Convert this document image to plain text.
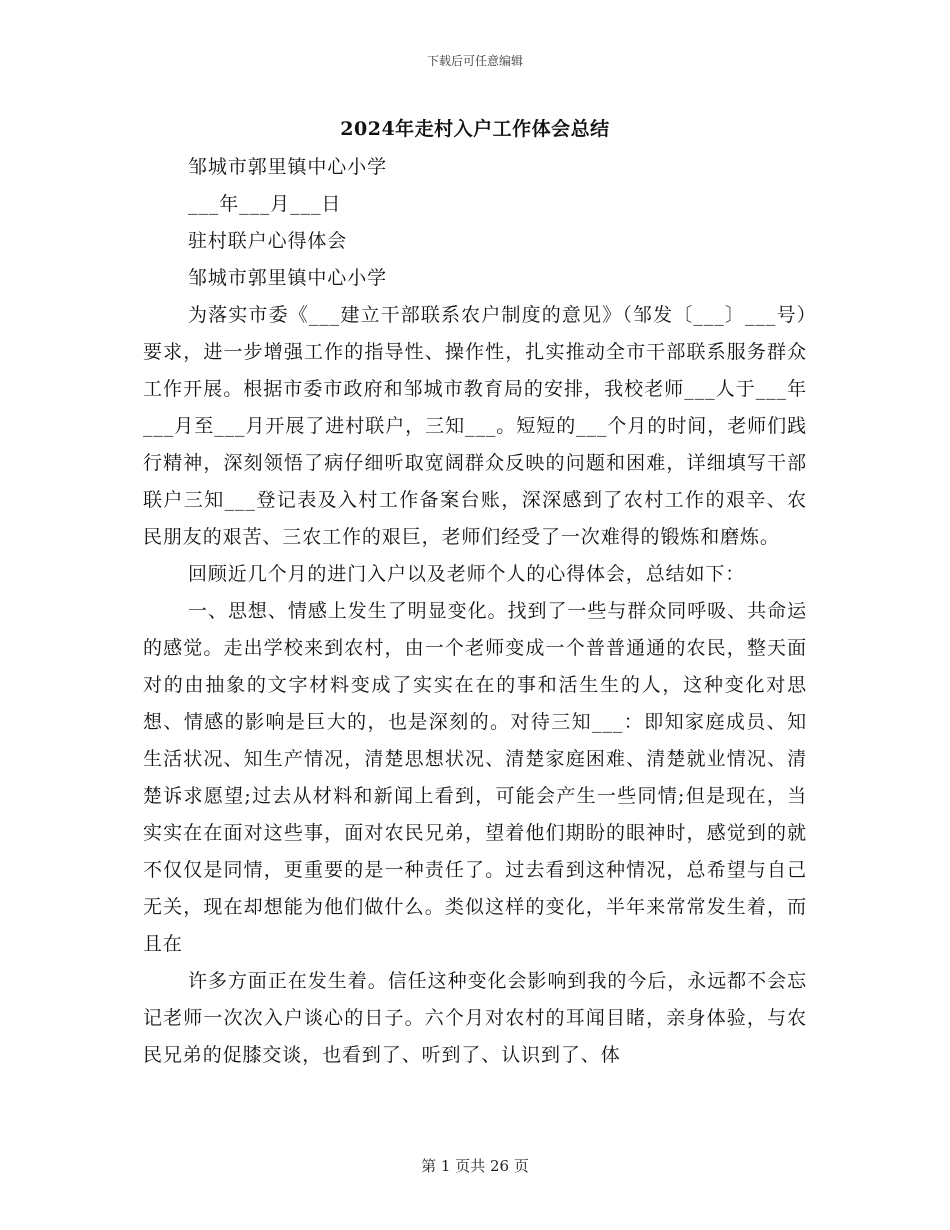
下载后可任意编辑
2024年走村入户工作体会总结

邹城市郭里镇中心小学

___年___月___日

驻村联户心得体会

邹城市郭里镇中心小学

为落实市委《___建立干部联系农户制度的意见》（邹发〔___〕___号）要求，进一步增强工作的指导性、操作性，扎实推动全市干部联系服务群众工作开展。根据市委市政府和邹城市教育局的安排，我校老师___人于___年___月至___月开展了进村联户，三知___。短短的___个月的时间，老师们践行精神，深刻领悟了病仔细听取宽阔群众反映的问题和困难，详细填写干部联户三知___登记表及入村工作备案台账，深深感到了农村工作的艰辛、农民朋友的艰苦、三农工作的艰巨，老师们经受了一次难得的锻炼和磨炼。

回顾近几个月的进门入户以及老师个人的心得体会，总结如下：

一、思想、情感上发生了明显变化。找到了一些与群众同呼吸、共命运的感觉。走出学校来到农村，由一个老师变成一个普普通通的农民，整天面对的由抽象的文字材料变成了实实在在的事和活生生的人，这种变化对思想、情感的影响是巨大的，也是深刻的。对待三知___：即知家庭成员、知生活状况、知生产情况，清楚思想状况、清楚家庭困难、清楚就业情况、清楚诉求愿望;过去从材料和新闻上看到，可能会产生一些同情;但是现在，当实实在在面对这些事，面对农民兄弟，望着他们期盼的眼神时，感觉到的就不仅仅是同情，更重要的是一种责任了。过去看到这种情况，总希望与自己无关，现在却想能为他们做什么。类似这样的变化，半年来常常发生着，而且在

许多方面正在发生着。信任这种变化会影响到我的今后，永远都不会忘记老师一次次入户谈心的日子。六个月对农村的耳闻目睹，亲身体验，与农民兄弟的促膝交谈，也看到了、听到了、认识到了、体

第 1 页共 26 页
